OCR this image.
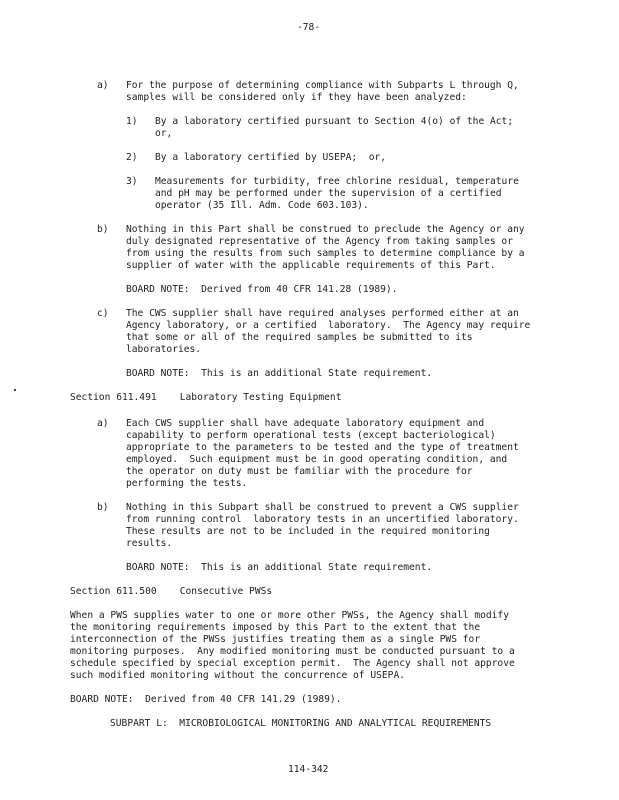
-78-
a) For the purpose of determining compliance with Subparts L through Q,
samples will be considered only if they have been analyzed:
1) By a laboratory certified pursuant to Section 4(o) of the Act;
or,
2) By a laboratory certified by USEPA;  or,
3) Measurements for turbidity, free chlorine residual, temperature
and pH may be performed under the supervision of a certified
operator (35 Ill. Adm. Code 603.103).
b) Nothing in this Part shall be construed to preclude the Agency or any
duly designated representative of the Agency from taking samples or
from using the results from such samples to determine compliance by a
supplier of water with the applicable requirements of this Part.
BOARD NOTE:  Derived from 40 CFR 141.28 (1989).
c) The CWS supplier shall have required analyses performed either at an
Agency laboratory, or a certified  laboratory.  The Agency may require
that some or all of the required samples be submitted to its
laboratories.
BOARD NOTE:  This is an additional State requirement.
Section 611.491    Laboratory Testing Equipment
a) Each CWS supplier shall have adequate laboratory equipment and
capability to perform operational tests (except bacteriological)
appropriate to the parameters to be tested and the type of treatment
employed.  Such equipment must be in good operating condition, and
the operator on duty must be familiar with the procedure for
performing the tests.
b) Nothing in this Subpart shall be construed to prevent a CWS supplier
from running control  laboratory tests in an uncertified laboratory.
These results are not to be included in the required monitoring
results.
BOARD NOTE:  This is an additional State requirement.
Section 611.500    Consecutive PWSs
When a PWS supplies water to one or more other PWSs, the Agency shall modify
the monitoring requirements imposed by this Part to the extent that the
interconnection of the PWSs justifies treating them as a single PWS for
monitoring purposes.  Any modified monitoring must be conducted pursuant to a
schedule specified by special exception permit.  The Agency shall not approve
such modified monitoring without the concurrence of USEPA.
BOARD NOTE:  Derived from 40 CFR 141.29 (1989).
SUBPART L:  MICROBIOLOGICAL MONITORING AND ANALYTICAL REQUIREMENTS
114-342
